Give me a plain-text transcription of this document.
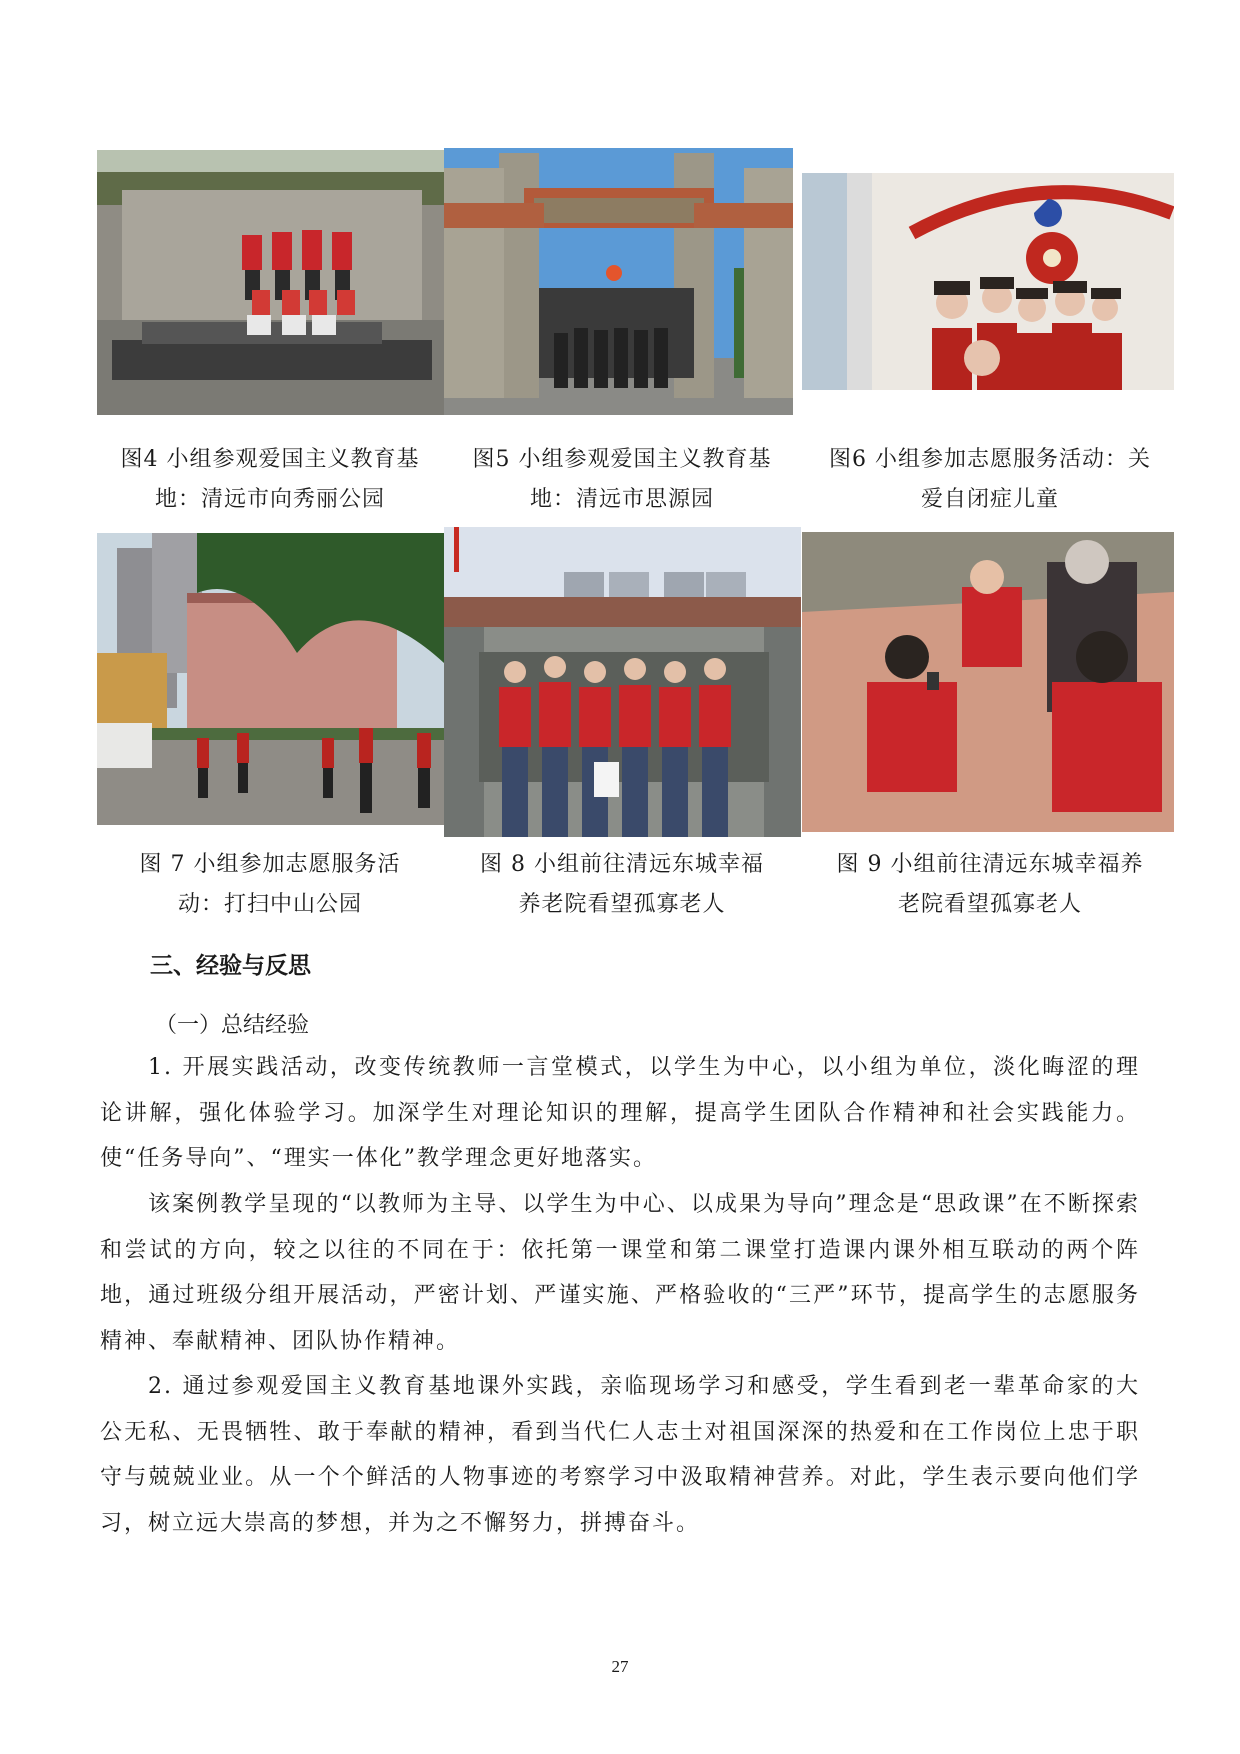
图4 小组参观爱国主义教育基
地：清远市向秀丽公园
图5 小组参观爱国主义教育基
地：清远市思源园
图6 小组参加志愿服务活动：关
爱自闭症儿童
图 7 小组参加志愿服务活
动：打扫中山公园
图 8 小组前往清远东城幸福
养老院看望孤寡老人
图 9 小组前往清远东城幸福养
老院看望孤寡老人
三、经验与反思
（一）总结经验

1. 开展实践活动，改变传统教师一言堂模式，以学生为中心，以小组为单位，淡化晦涩的理论讲解，强化体验学习。加深学生对理论知识的理解，提高学生团队合作精神和社会实践能力。使“任务导向”、“理实一体化”教学理念更好地落实。

该案例教学呈现的“以教师为主导、以学生为中心、以成果为导向”理念是“思政课”在不断探索和尝试的方向，较之以往的不同在于：依托第一课堂和第二课堂打造课内课外相互联动的两个阵地，通过班级分组开展活动，严密计划、严谨实施、严格验收的“三严”环节，提高学生的志愿服务精神、奉献精神、团队协作精神。

2. 通过参观爱国主义教育基地课外实践，亲临现场学习和感受，学生看到老一辈革命家的大公无私、无畏牺牲、敢于奉献的精神，看到当代仁人志士对祖国深深的热爱和在工作岗位上忠于职守与兢兢业业。从一个个鲜活的人物事迹的考察学习中汲取精神营养。对此，学生表示要向他们学习，树立远大崇高的梦想，并为之不懈努力，拼搏奋斗。

27
